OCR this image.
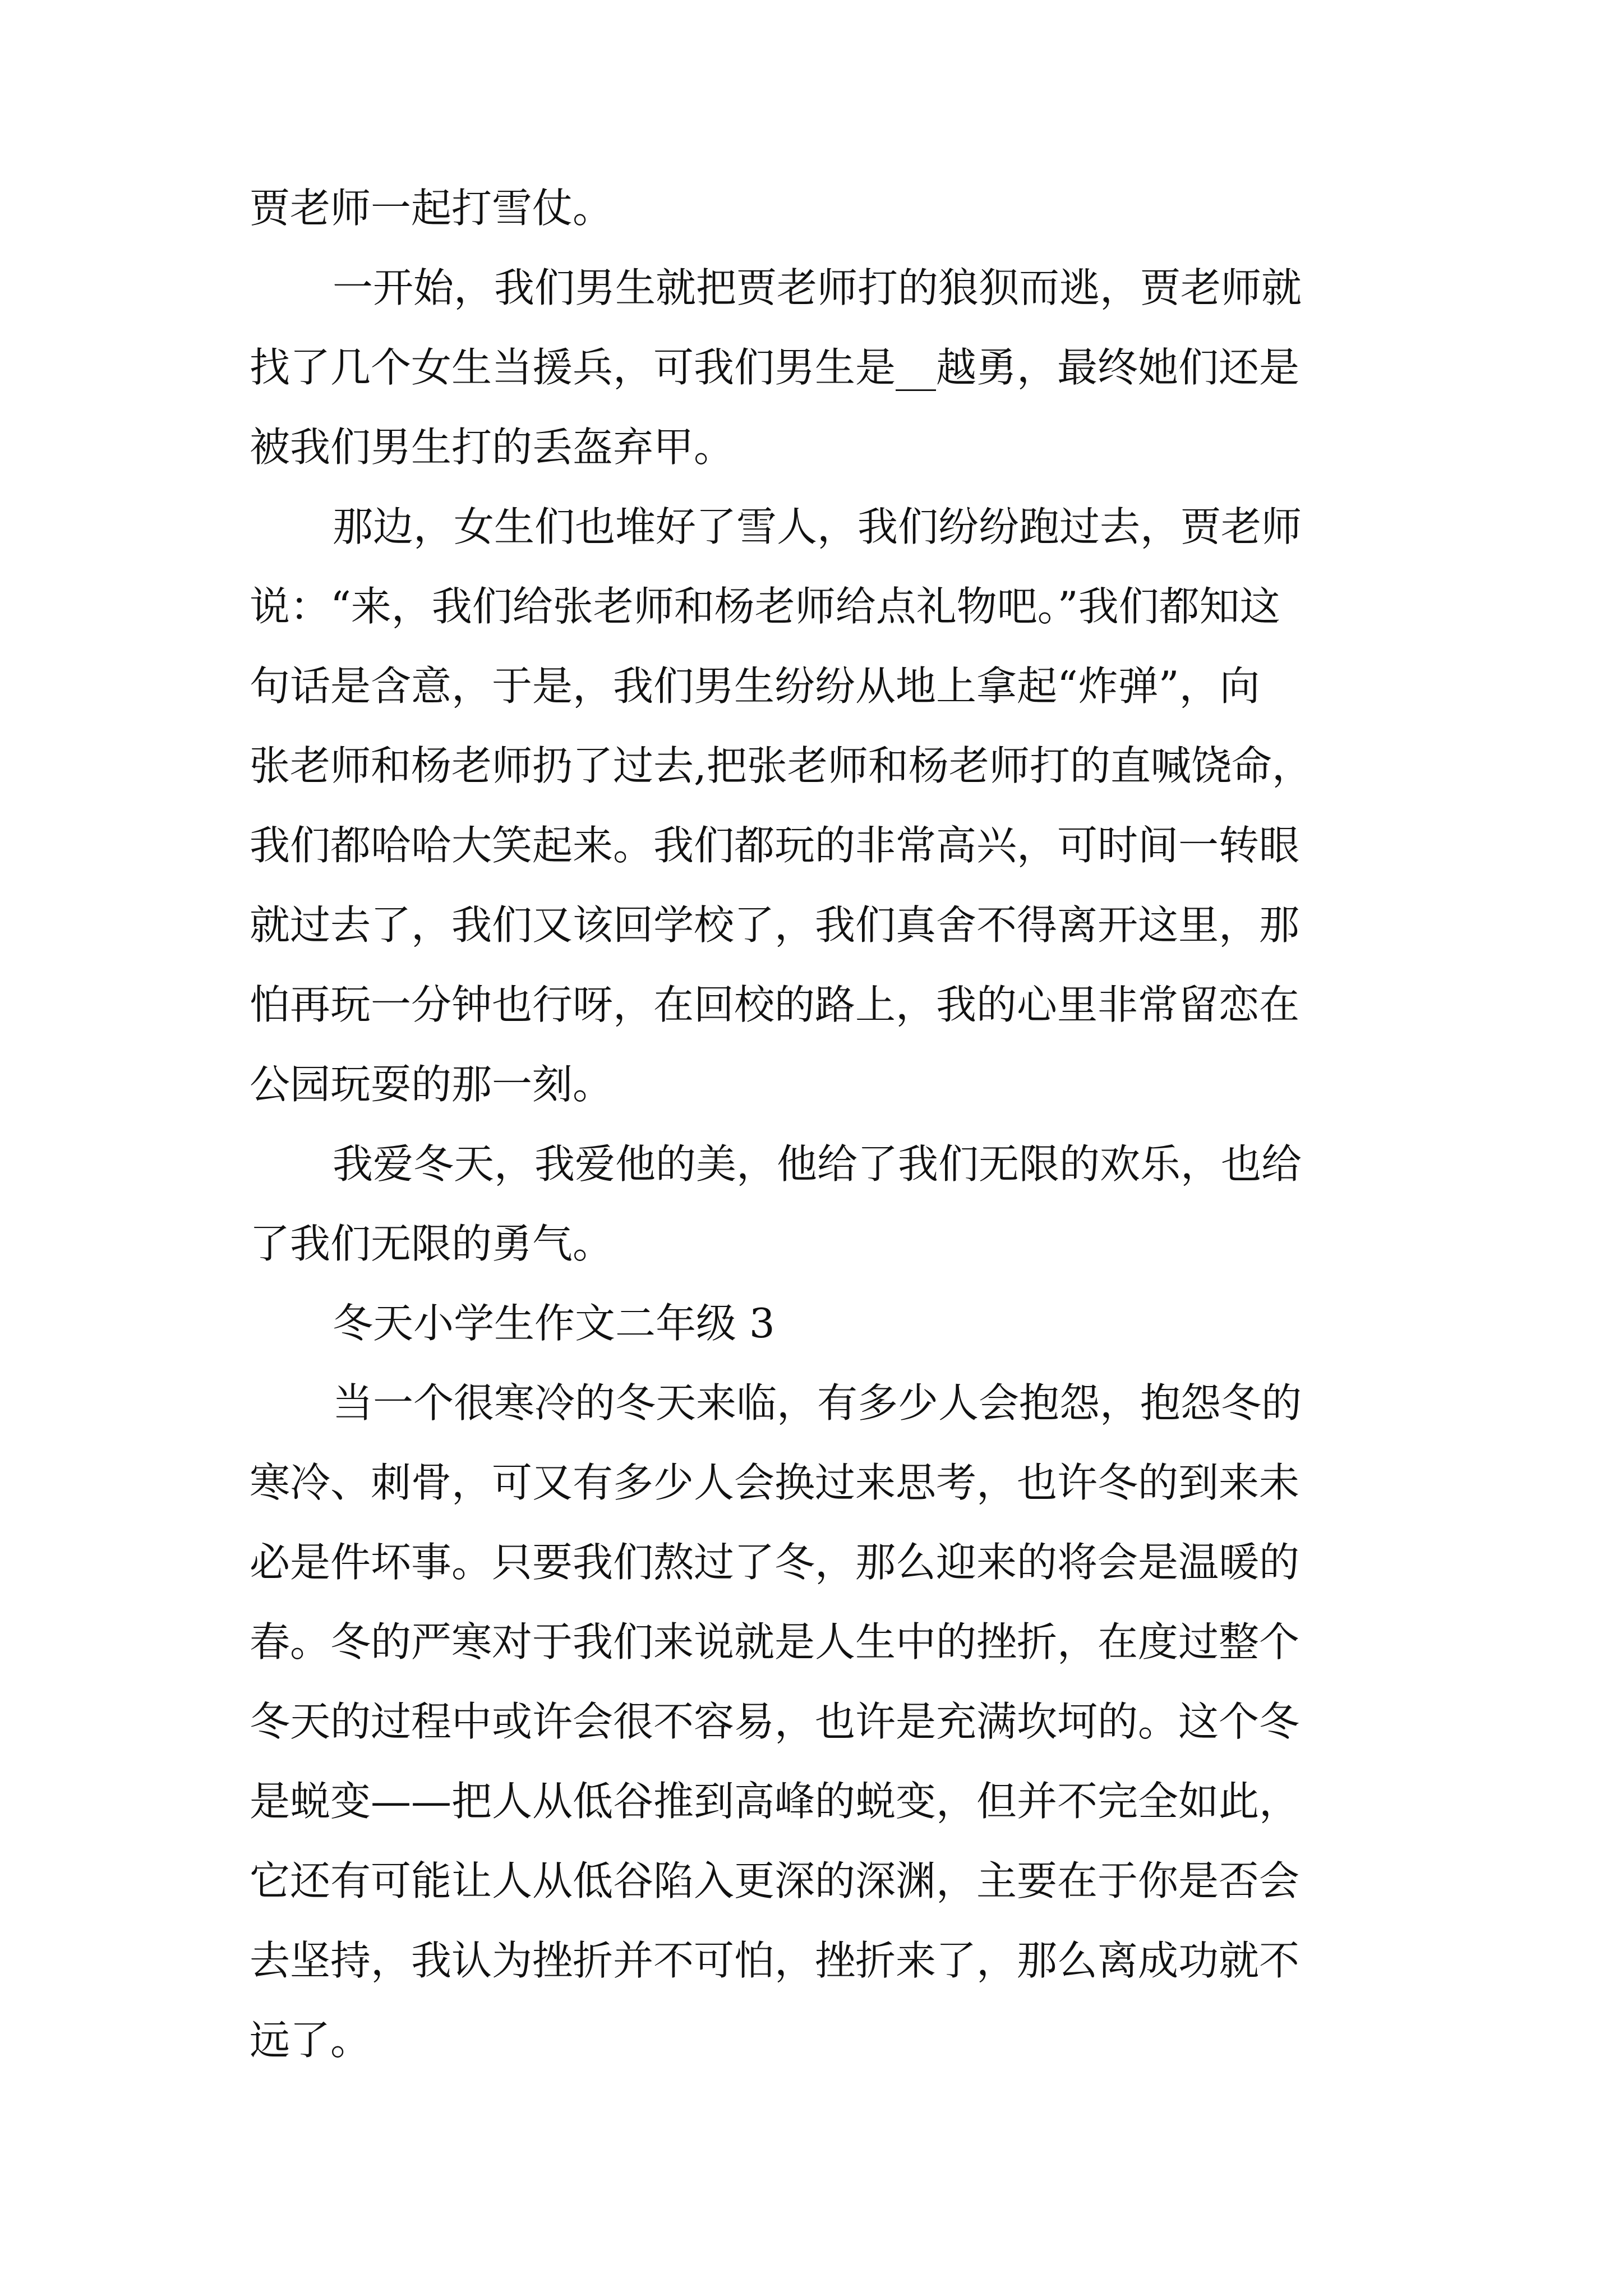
贾老师一起打雪仗。
一开始，我们男生就把贾老师打的狼狈而逃，贾老师就
找了几个女生当援兵，可我们男生是__越勇，最终她们还是
被我们男生打的丢盔弃甲。
那边，女生们也堆好了雪人，我们纷纷跑过去，贾老师
说：“来，我们给张老师和杨老师给点礼物吧。”我们都知这
句话是含意，于是，我们男生纷纷从地上拿起“炸弹”，向
张老师和杨老师扔了过去,把张老师和杨老师打的直喊饶命，
我们都哈哈大笑起来。我们都玩的非常高兴，可时间一转眼
就过去了，我们又该回学校了，我们真舍不得离开这里，那
怕再玩一分钟也行呀，在回校的路上，我的心里非常留恋在
公园玩耍的那一刻。
我爱冬天，我爱他的美，他给了我们无限的欢乐，也给
了我们无限的勇气。
冬天小学生作文二年级 3
当一个很寒冷的冬天来临，有多少人会抱怨，抱怨冬的
寒冷、刺骨，可又有多少人会换过来思考，也许冬的到来未
必是件坏事。只要我们熬过了冬，那么迎来的将会是温暖的
春。冬的严寒对于我们来说就是人生中的挫折，在度过整个
冬天的过程中或许会很不容易，也许是充满坎坷的。这个冬
是蜕变——把人从低谷推到高峰的蜕变，但并不完全如此，
它还有可能让人从低谷陷入更深的深渊，主要在于你是否会
去坚持，我认为挫折并不可怕，挫折来了，那么离成功就不
远了。
